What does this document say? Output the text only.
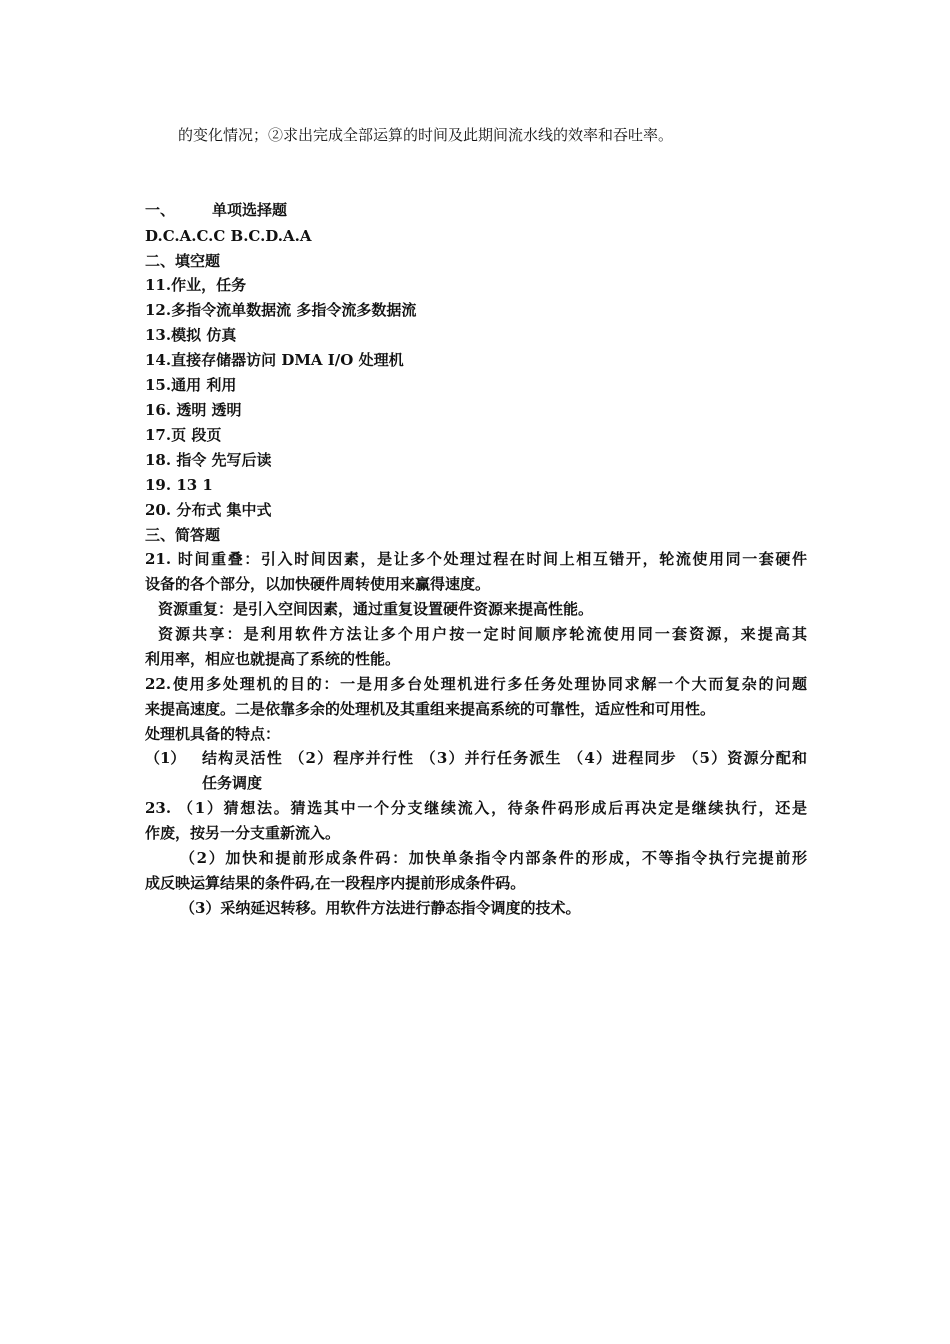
的变化情况；②求出完成全部运算的时间及此期间流水线的效率和吞吐率。
一、 单项选择题
D.C.A.C.C B.C.D.A.A
二、填空题
11.作业，任务
12.多指令流单数据流 多指令流多数据流
13.模拟 仿真
14.直接存储器访问 DMA I/O 处理机
15.通用 利用
16. 透明 透明
17.页 段页
18. 指令 先写后读
19. 13 1
20. 分布式 集中式
三、简答题
21. 时间重叠：引入时间因素，是让多个处理过程在时间上相互错开，轮流使用同一套硬件
设备的各个部分，以加快硬件周转使用来赢得速度。
资源重复：是引入空间因素，通过重复设置硬件资源来提高性能。
资源共享：是利用软件方法让多个用户按一定时间顺序轮流使用同一套资源，来提高其
利用率，相应也就提高了系统的性能。
22.使用多处理机的目的：一是用多台处理机进行多任务处理协同求解一个大而复杂的问题
来提高速度。二是依靠多余的处理机及其重组来提高系统的可靠性，适应性和可用性。
处理机具备的特点：
（1） 结构灵活性 （2）程序并行性 （3）并行任务派生 （4）进程同步 （5）资源分配和
任务调度
23. （1）猜想法。猜选其中一个分支继续流入，待条件码形成后再决定是继续执行，还是
作废，按另一分支重新流入。
（2）加快和提前形成条件码：加快单条指令内部条件的形成，不等指令执行完提前形
成反映运算结果的条件码,在一段程序内提前形成条件码。
（3）采纳延迟转移。用软件方法进行静态指令调度的技术。
